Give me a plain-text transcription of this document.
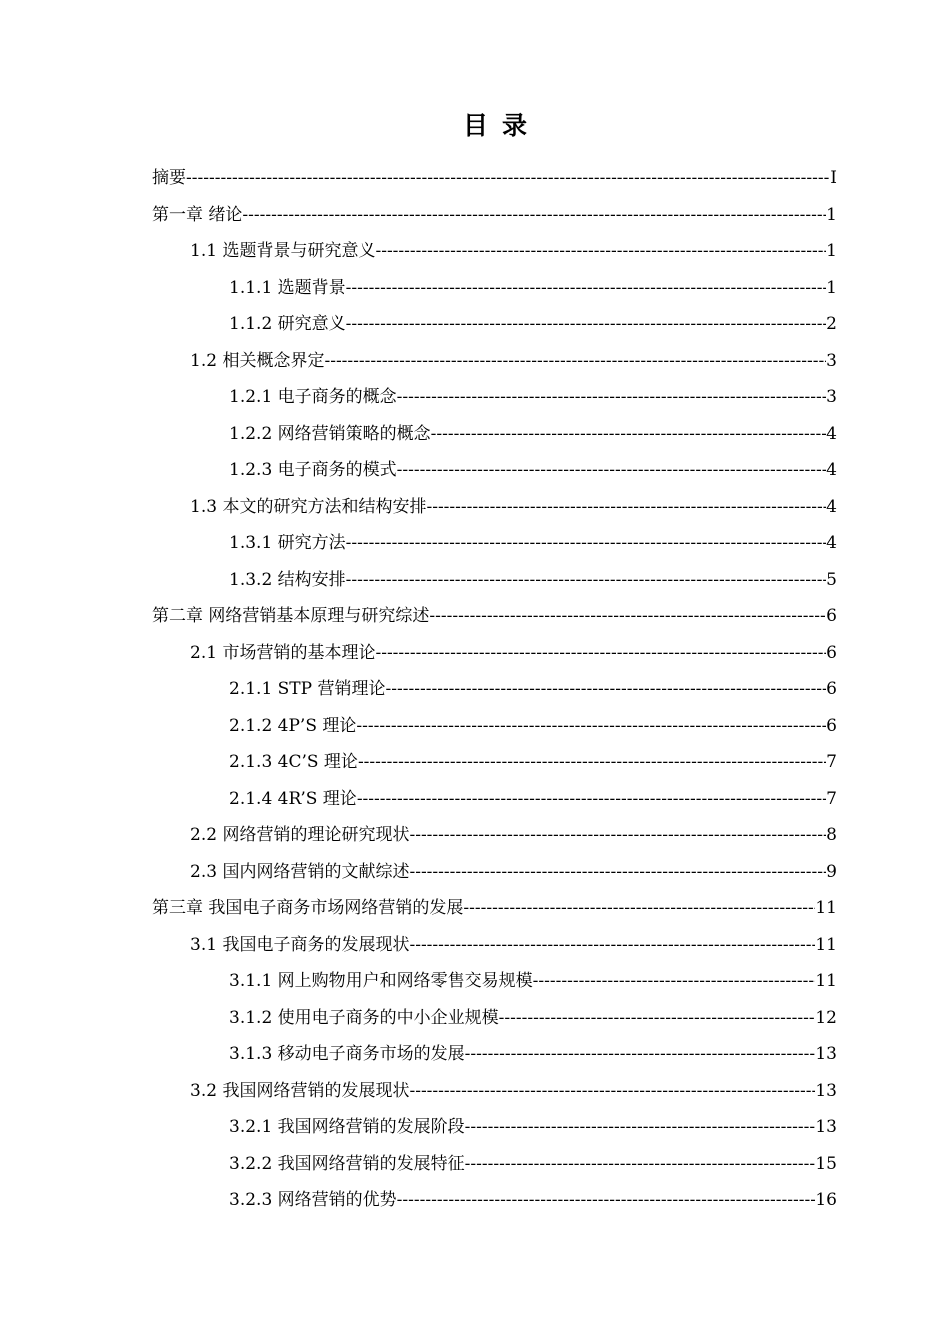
目录
摘要 -----	I
第一章 绪论 -----	1
1.1 选题背景与研究意义 -----	1
1.1.1 选题背景 -----	1
1.1.2 研究意义 -----	2
1.2 相关概念界定 -----	3
1.2.1 电子商务的概念 -----	3
1.2.2 网络营销策略的概念 -----	4
1.2.3 电子商务的模式 -----	4
1.3 本文的研究方法和结构安排 -----	4
1.3.1 研究方法 -----	4
1.3.2 结构安排 -----	5
第二章 网络营销基本原理与研究综述 -----	6
2.1 市场营销的基本理论 -----	6
2.1.1 STP 营销理论 -----	6
2.1.2 4P’S 理论 -----	6
2.1.3 4C’S 理论 -----	7
2.1.4 4R’S 理论 -----	7
2.2 网络营销的理论研究现状 -----	8
2.3 国内网络营销的文献综述 -----	9
第三章 我国电子商务市场网络营销的发展 -----	11
3.1 我国电子商务的发展现状 -----	11
3.1.1 网上购物用户和网络零售交易规模 -----	11
3.1.2 使用电子商务的中小企业规模 -----	12
3.1.3 移动电子商务市场的发展 -----	13
3.2 我国网络营销的发展现状 -----	13
3.2.1 我国网络营销的发展阶段 -----	13
3.2.2 我国网络营销的发展特征 -----	15
3.2.3 网络营销的优势 -----	16
